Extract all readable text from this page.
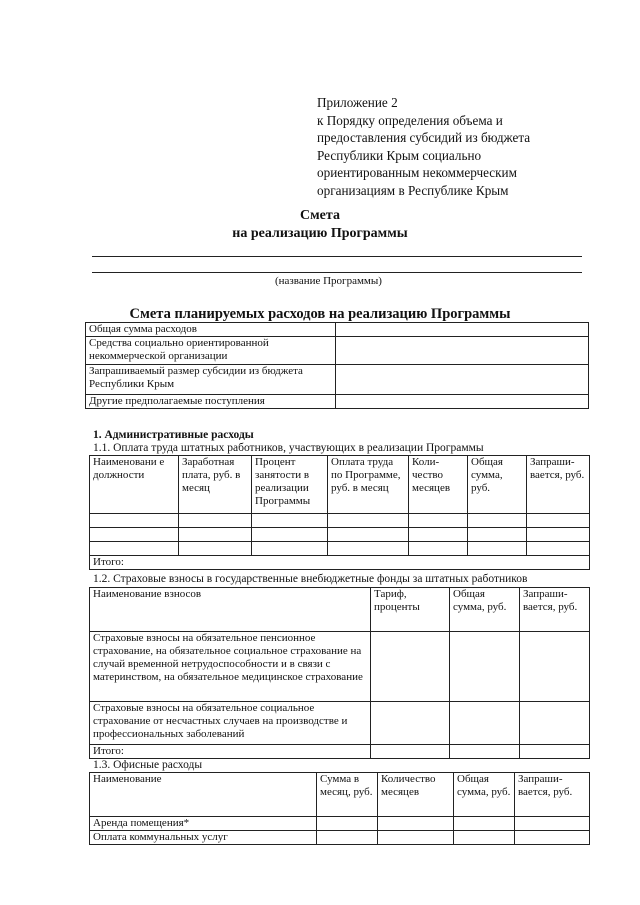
Приложение 2
к Порядку определения объема и
предоставления субсидий из бюджета
Республики Крым социально
ориентированным некоммерческим
организациям в Республике Крым
Смета
на реализацию Программы
(название Программы)
Смета планируемых расходов на реализацию Программы
Общая сумма расходов	
Средства социально ориентированной некоммерческой организации	
Запрашиваемый размер субсидии из бюджета Республики Крым	
Другие предполагаемые поступления	
1. Административные расходы
1.1. Оплата труда штатных работников, участвующих в реализации Программы
Наименовани е должности	Заработная плата, руб. в месяц	Процент занятости в реализации Программы	Оплата труда по Программе, руб. в месяц	Коли-чество месяцев	Общая сумма, руб.	Запраши-вается, руб.

Итого:						
1.2. Страховые взносы в государственные внебюджетные фонды за штатных работников
Наименование взносов	Тариф, проценты	Общая сумма, руб.	Запраши-вается, руб.
Страховые взносы на обязательное пенсионное страхование, на обязательное социальное страхование на случай временной нетрудоспособности и в связи с материнством, на обязательное медицинское страхование			
Страховые взносы на обязательное социальное страхование от несчастных случаев на производстве и профессиональных заболеваний			
Итого:			
1.3. Офисные расходы
Наименование	Сумма в месяц, руб.	Количество месяцев	Общая сумма, руб.	Запраши-вается, руб.
Аренда помещения*				
Оплата коммунальных услуг				
